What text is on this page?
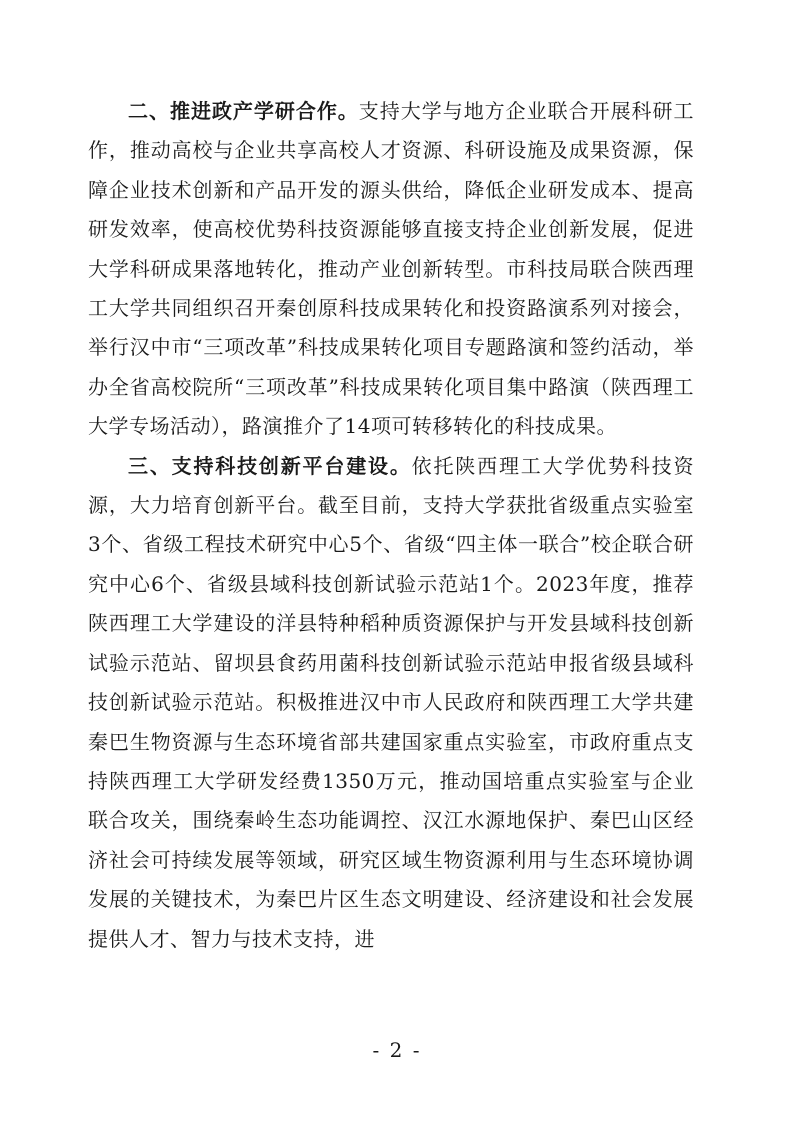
二、推进政产学研合作。支持大学与地方企业联合开展科研工作，推动高校与企业共享高校人才资源、科研设施及成果资源，保障企业技术创新和产品开发的源头供给，降低企业研发成本、提高研发效率，使高校优势科技资源能够直接支持企业创新发展，促进大学科研成果落地转化，推动产业创新转型。市科技局联合陕西理工大学共同组织召开秦创原科技成果转化和投资路演系列对接会，举行汉中市“三项改革”科技成果转化项目专题路演和签约活动，举办全省高校院所“三项改革”科技成果转化项目集中路演（陕西理工大学专场活动），路演推介了14项可转移转化的科技成果。

三、支持科技创新平台建设。依托陕西理工大学优势科技资源，大力培育创新平台。截至目前，支持大学获批省级重点实验室3个、省级工程技术研究中心5个、省级“四主体一联合”校企联合研究中心6个、省级县域科技创新试验示范站1个。2023年度，推荐陕西理工大学建设的洋县特种稻种质资源保护与开发县域科技创新试验示范站、留坝县食药用菌科技创新试验示范站申报省级县域科技创新试验示范站。积极推进汉中市人民政府和陕西理工大学共建秦巴生物资源与生态环境省部共建国家重点实验室，市政府重点支持陕西理工大学研发经费1350万元，推动国培重点实验室与企业联合攻关，围绕秦岭生态功能调控、汉江水源地保护、秦巴山区经济社会可持续发展等领域，研究区域生物资源利用与生态环境协调发展的关键技术，为秦巴片区生态文明建设、经济建设和社会发展提供人才、智力与技术支持，进

- 2 -
